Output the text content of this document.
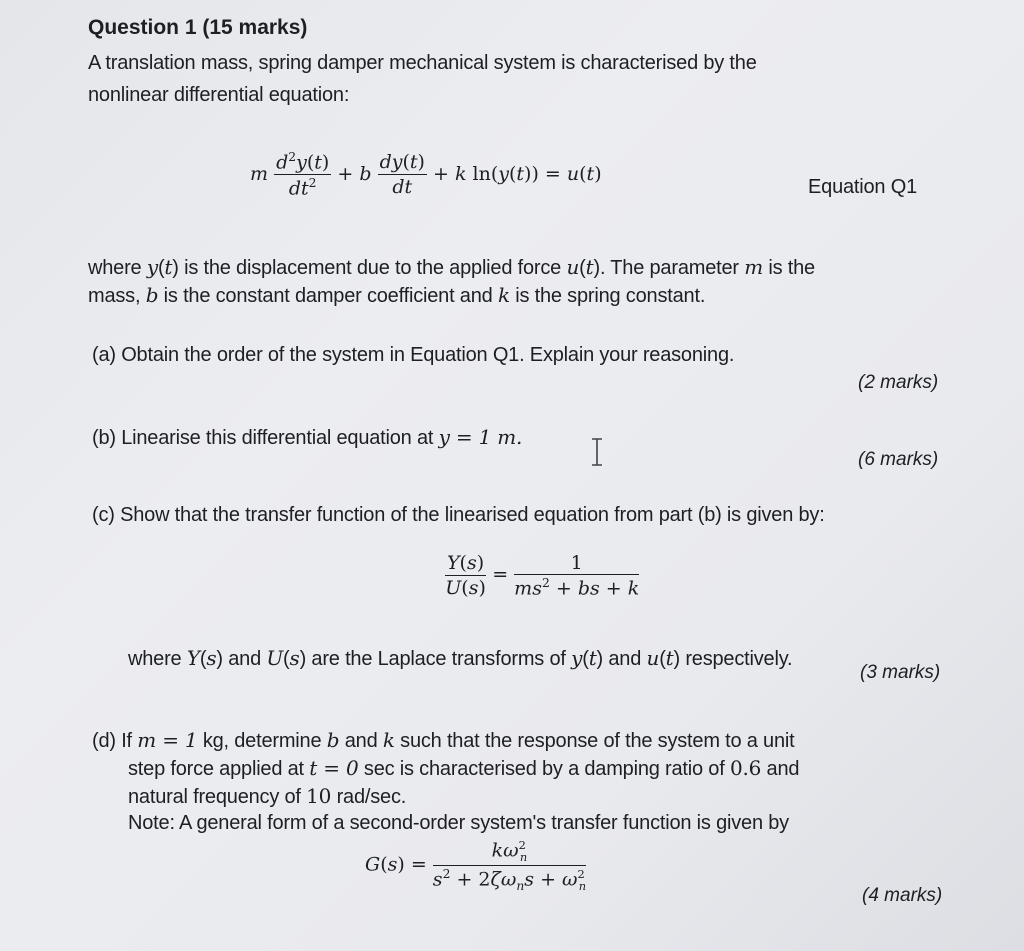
Question 1 (15 marks)
A translation mass, spring damper mechanical system is characterised by the
nonlinear differential equation:
m $\frac{d^2y(t)}{dt^2} + b \frac{dy(t)}{dt} + k$ ln(y(t)) = u(t)
Equation Q1
where y(t) is the displacement due to the applied force u(t). The parameter m is the
mass, b is the constant damper coefficient and k is the spring constant.
(a) Obtain the order of the system in Equation Q1. Explain your reasoning.
(2 marks)
(b) Linearise this differential equation at y = 1 m.
(6 marks)
(c) Show that the transfer function of the linearised equation from part (b) is given by:
$\frac{Y(s)}{U(s)} = \frac{1}{ms^2 + bs + k}$
where Y(s) and U(s) are the Laplace transforms of y(t) and u(t) respectively.
(3 marks)
(d) If m = 1 kg, determine b and k such that the response of the system to a unit
step force applied at t = 0 sec is characterised by a damping ratio of 0.6 and
natural frequency of 10 rad/sec.
Note: A general form of a second-order system's transfer function is given by
$G(s) = \frac{k\omega^2_n}{s^2 + 2\zeta\omega_ns + \omega^2_n}$
(4 marks)
